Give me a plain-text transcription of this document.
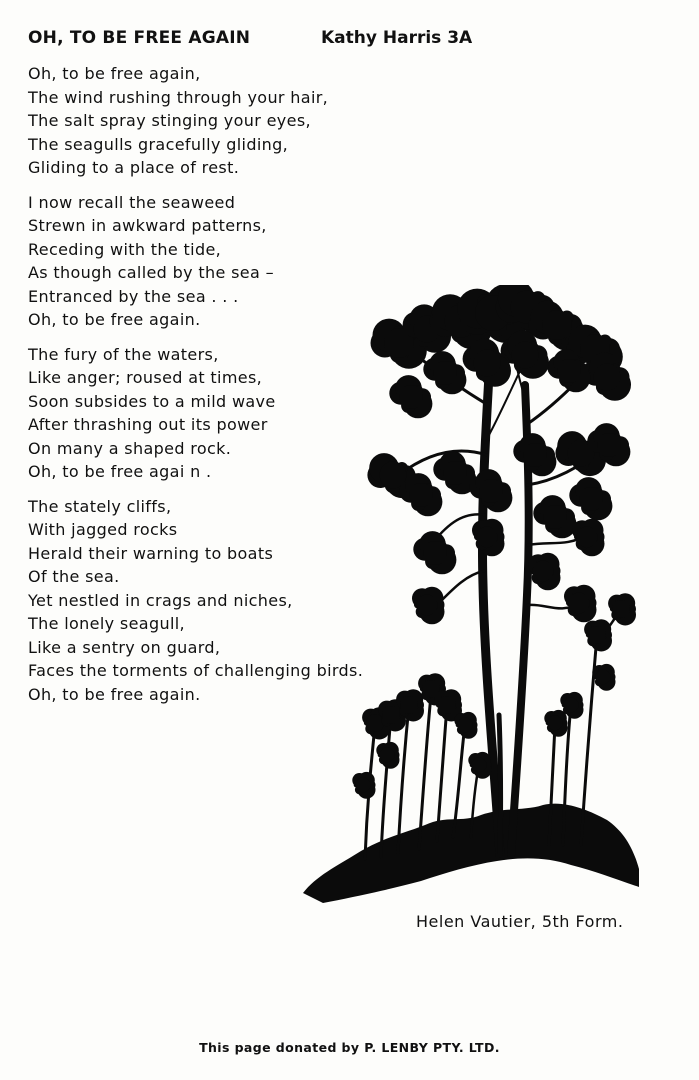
OH, TO BE FREE AGAIN	Kathy Harris 3A
Oh, to be free again,
The wind rushing through your hair,
The salt spray stinging your eyes,
The seagulls gracefully gliding,
Gliding to a place of rest.
I now recall the seaweed
Strewn in awkward patterns,
Receding with the tide,
As though called by the sea –
Entranced by the sea . . .
Oh, to be free again.
The fury of the waters,
Like anger; roused at times,
Soon subsides to a mild wave
After thrashing out its power
On many a shaped rock.
Oh, to be free agai n .
The stately cliffs,
With jagged rocks
Herald their warning to boats
Of the sea.
Yet nestled in crags and niches,
The lonely seagull,
Like a sentry on guard,
Faces the torments of challenging birds.
Oh, to be free again.
Helen Vautier, 5th Form.
This page donated by P. LENBY PTY. LTD.
